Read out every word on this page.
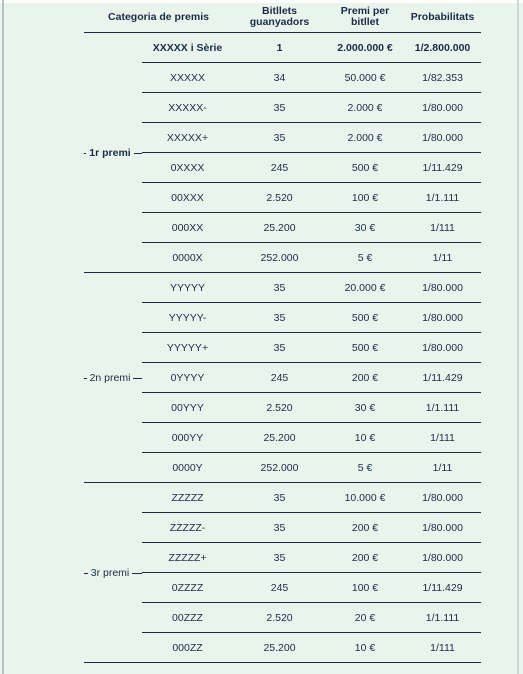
Categoria de premis		Bitllets guanyadors	Premi per bitllet	Probabilitats
1r premi	XXXXX i Sèrie	1	2.000.000 €	1/2.800.000
	XXXXX	34	50.000 €	1/82.353
	XXXXX-	35	2.000 €	1/80.000
	XXXXX+	35	2.000 €	1/80.000
	0XXXX	245	500 €	1/11.429
	00XXX	2.520	100 €	1/1.111
	000XX	25.200	30 €	1/111
	0000X	252.000	5 €	1/11
2n premi	YYYYY	35	20.000 €	1/80.000
	YYYYY-	35	500 €	1/80.000
	YYYYY+	35	500 €	1/80.000
	0YYYY	245	200 €	1/11.429
	00YYY	2.520	30 €	1/1.111
	000YY	25.200	10 €	1/111
	0000Y	252.000	5 €	1/11
3r premi	ZZZZZ	35	10.000 €	1/80.000
	ZZZZZ-	35	200 €	1/80.000
	ZZZZZ+	35	200 €	1/80.000
	0ZZZZ	245	100 €	1/11.429
	00ZZZ	2.520	20 €	1/1.111
	000ZZ	25.200	10 €	1/111
